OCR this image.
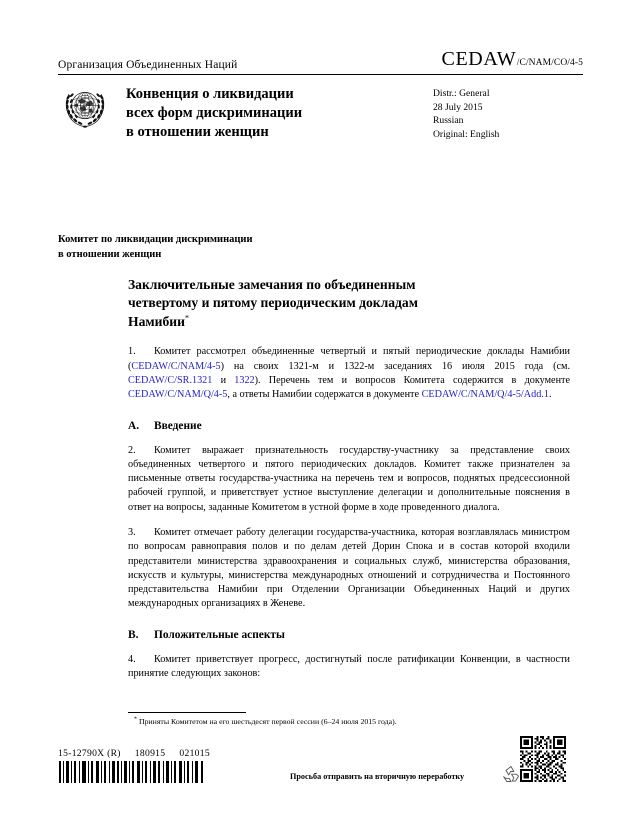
Организация Объединенных Наций	CEDAW /C/NAM/CO/4-5
Конвенция о ликвидации
всех форм дискриминации
в отношении женщин
Distr.: General
28 July 2015
Russian
Original: English
Комитет по ликвидации дискриминации
в отношении женщин
Заключительные замечания по объединенным
четвертому и пятому периодическим докладам
Намибии*

1. Комитет рассмотрел объединенные четвертый и пятый периодические доклады Намибии (CEDAW/C/NAM/4-5) на своих 1321-м и 1322-м заседаниях 16 июля 2015 года (см. CEDAW/C/SR.1321 и 1322). Перечень тем и вопросов Комитета содержится в документе CEDAW/C/NAM/Q/4-5, а ответы Намибии содержатся в документе CEDAW/C/NAM/Q/4-5/Add.1.

A. Введение

2. Комитет выражает признательность государству-участнику за представление своих объединенных четвертого и пятого периодических докладов. Комитет также признателен за письменные ответы государства-участника на перечень тем и вопросов, поднятых предсессионной рабочей группой, и приветствует устное выступление делегации и дополнительные пояснения в ответ на вопросы, заданные Комитетом в устной форме в ходе проведенного диалога.

3. Комитет отмечает работу делегации государства-участника, которая возглавлялась министром по вопросам равноправия полов и по делам детей Дорин Спока и в состав которой входили представители министерства здравоохранения и социальных служб, министерства образования, искусств и культуры, министерства международных отношений и сотрудничества и Постоянного представительства Намибии при Отделении Организации Объединенных Наций и других международных организациях в Женеве.

B. Положительные аспекты

4. Комитет приветствует прогресс, достигнутый после ратификации Конвенции, в частности принятие следующих законов:

* Приняты Комитетом на его шестьдесят первой сессии (6–24 июля 2015 года).
15-12790X (R) 180915 021015
Просьба отправить на вторичную переработку
